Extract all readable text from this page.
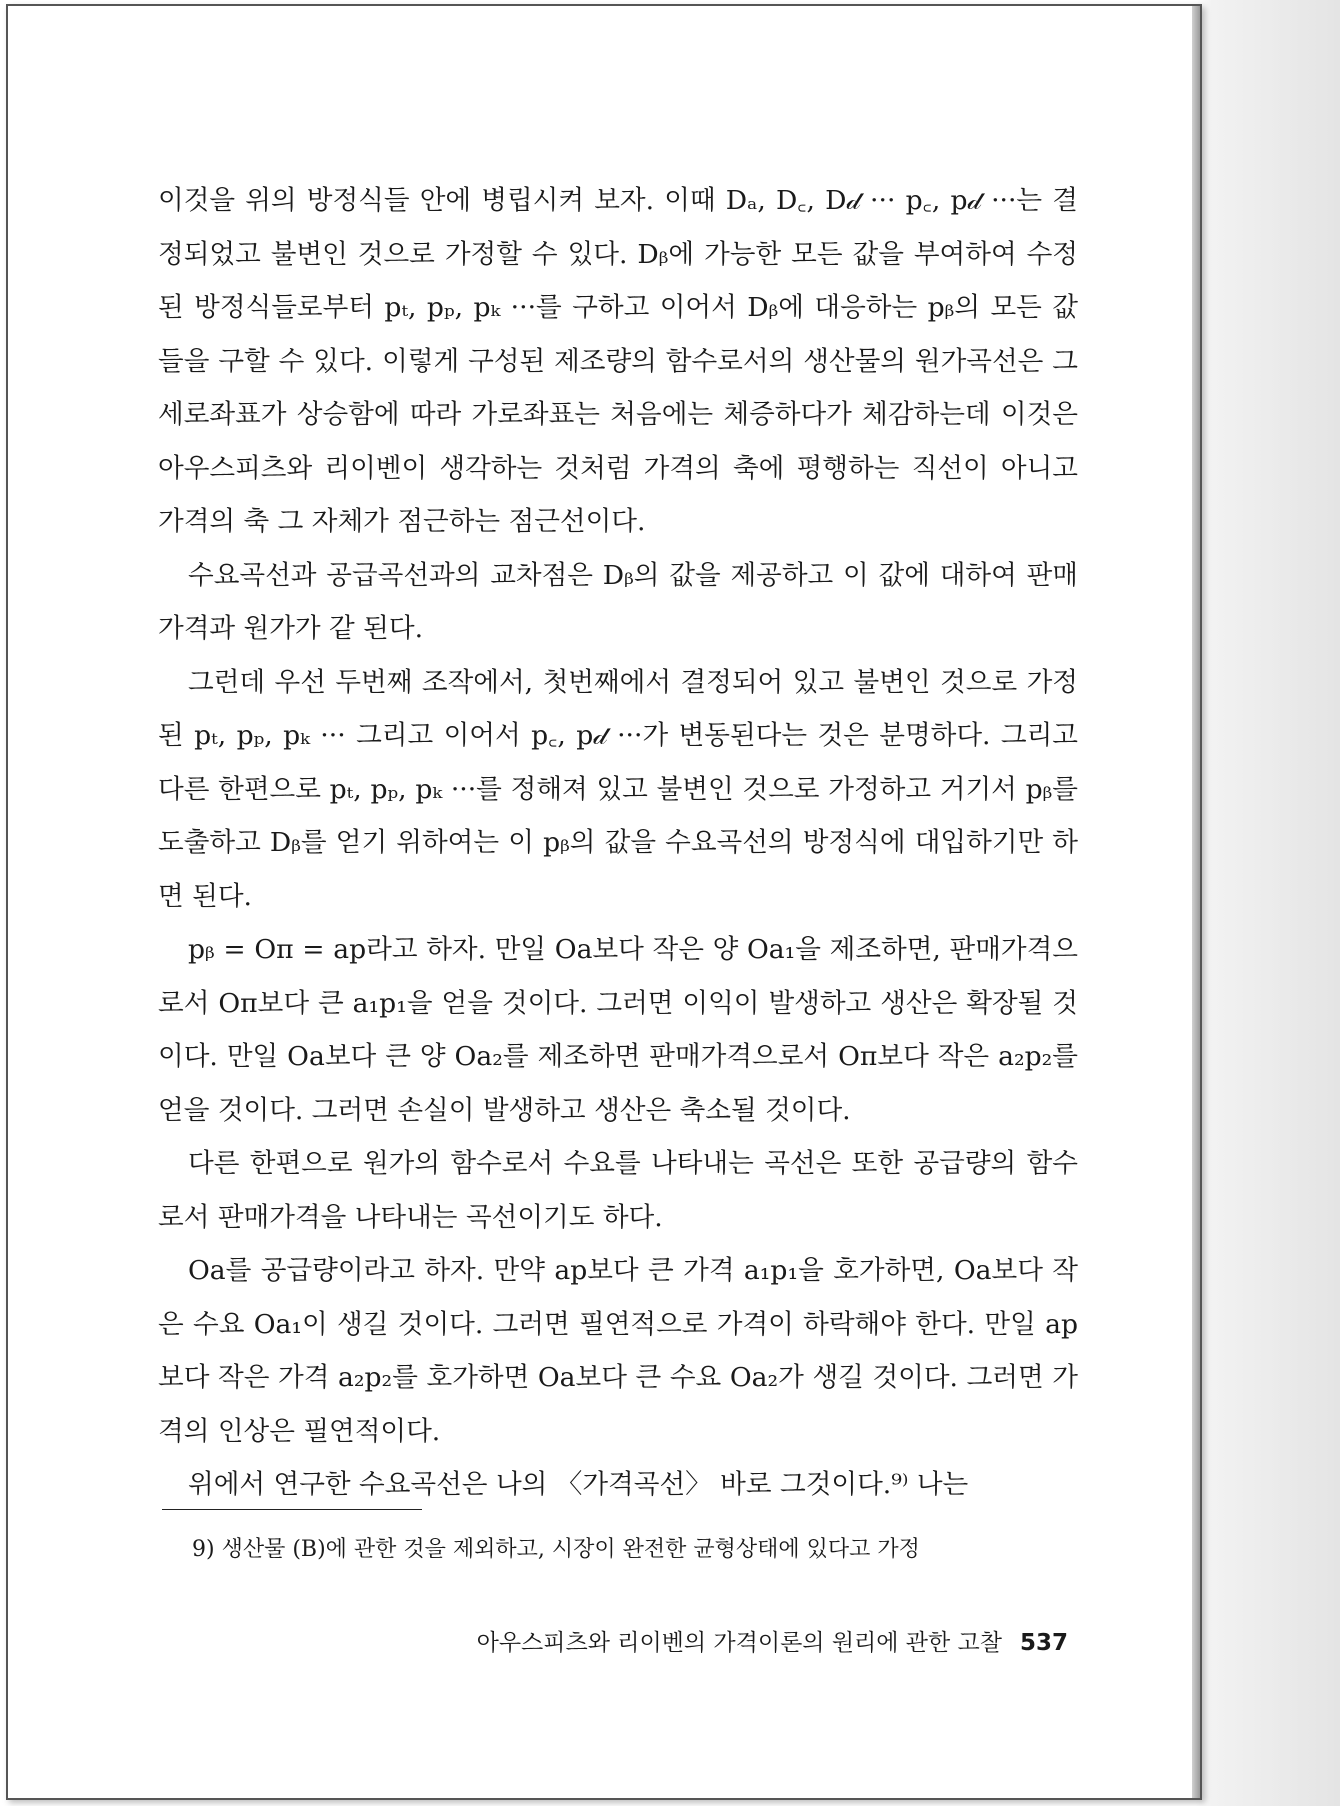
이것을 위의 방정식들 안에 병립시켜 보자. 이때 Dₐ, D꜀, D𝒹 ··· p꜀, p𝒹 ···는 결정되었고 불변인 것으로 가정할 수 있다. Dᵦ에 가능한 모든 값을 부여하여 수정된 방정식들로부터 pₜ, pₚ, pₖ ···를 구하고 이어서 Dᵦ에 대응하는 pᵦ의 모든 값들을 구할 수 있다. 이렇게 구성된 제조량의 함수로서의 생산물의 원가곡선은 그 세로좌표가 상승함에 따라 가로좌표는 처음에는 체증하다가 체감하는데 이것은 아우스피츠와 리이벤이 생각하는 것처럼 가격의 축에 평행하는 직선이 아니고 가격의 축 그 자체가 점근하는 점근선이다.

수요곡선과 공급곡선과의 교차점은 Dᵦ의 값을 제공하고 이 값에 대하여 판매가격과 원가가 같 된다.

그런데 우선 두번째 조작에서, 첫번째에서 결정되어 있고 불변인 것으로 가정된 pₜ, pₚ, pₖ ··· 그리고 이어서 p꜀, p𝒹 ···가 변동된다는 것은 분명하다. 그리고 다른 한편으로 pₜ, pₚ, pₖ ···를 정해져 있고 불변인 것으로 가정하고 거기서 pᵦ를 도출하고 Dᵦ를 얻기 위하여는 이 pᵦ의 값을 수요곡선의 방정식에 대입하기만 하면 된다.

pᵦ = Oπ = ap라고 하자. 만일 Oa보다 작은 양 Oa₁을 제조하면, 판매가격으로서 Oπ보다 큰 a₁p₁을 얻을 것이다. 그러면 이익이 발생하고 생산은 확장될 것이다. 만일 Oa보다 큰 양 Oa₂를 제조하면 판매가격으로서 Oπ보다 작은 a₂p₂를 얻을 것이다. 그러면 손실이 발생하고 생산은 축소될 것이다.

다른 한편으로 원가의 함수로서 수요를 나타내는 곡선은 또한 공급량의 함수로서 판매가격을 나타내는 곡선이기도 하다.

Oa를 공급량이라고 하자. 만약 ap보다 큰 가격 a₁p₁을 호가하면, Oa보다 작은 수요 Oa₁이 생길 것이다. 그러면 필연적으로 가격이 하락해야 한다. 만일 ap보다 작은 가격 a₂p₂를 호가하면 Oa보다 큰 수요 Oa₂가 생길 것이다. 그러면 가격의 인상은 필연적이다.

위에서 연구한 수요곡선은 나의 〈가격곡선〉 바로 그것이다.⁹⁾ 나는

9) 생산물 (B)에 관한 것을 제외하고, 시장이 완전한 균형상태에 있다고 가정
아우스피츠와 리이벤의 가격이론의 원리에 관한 고찰 537
